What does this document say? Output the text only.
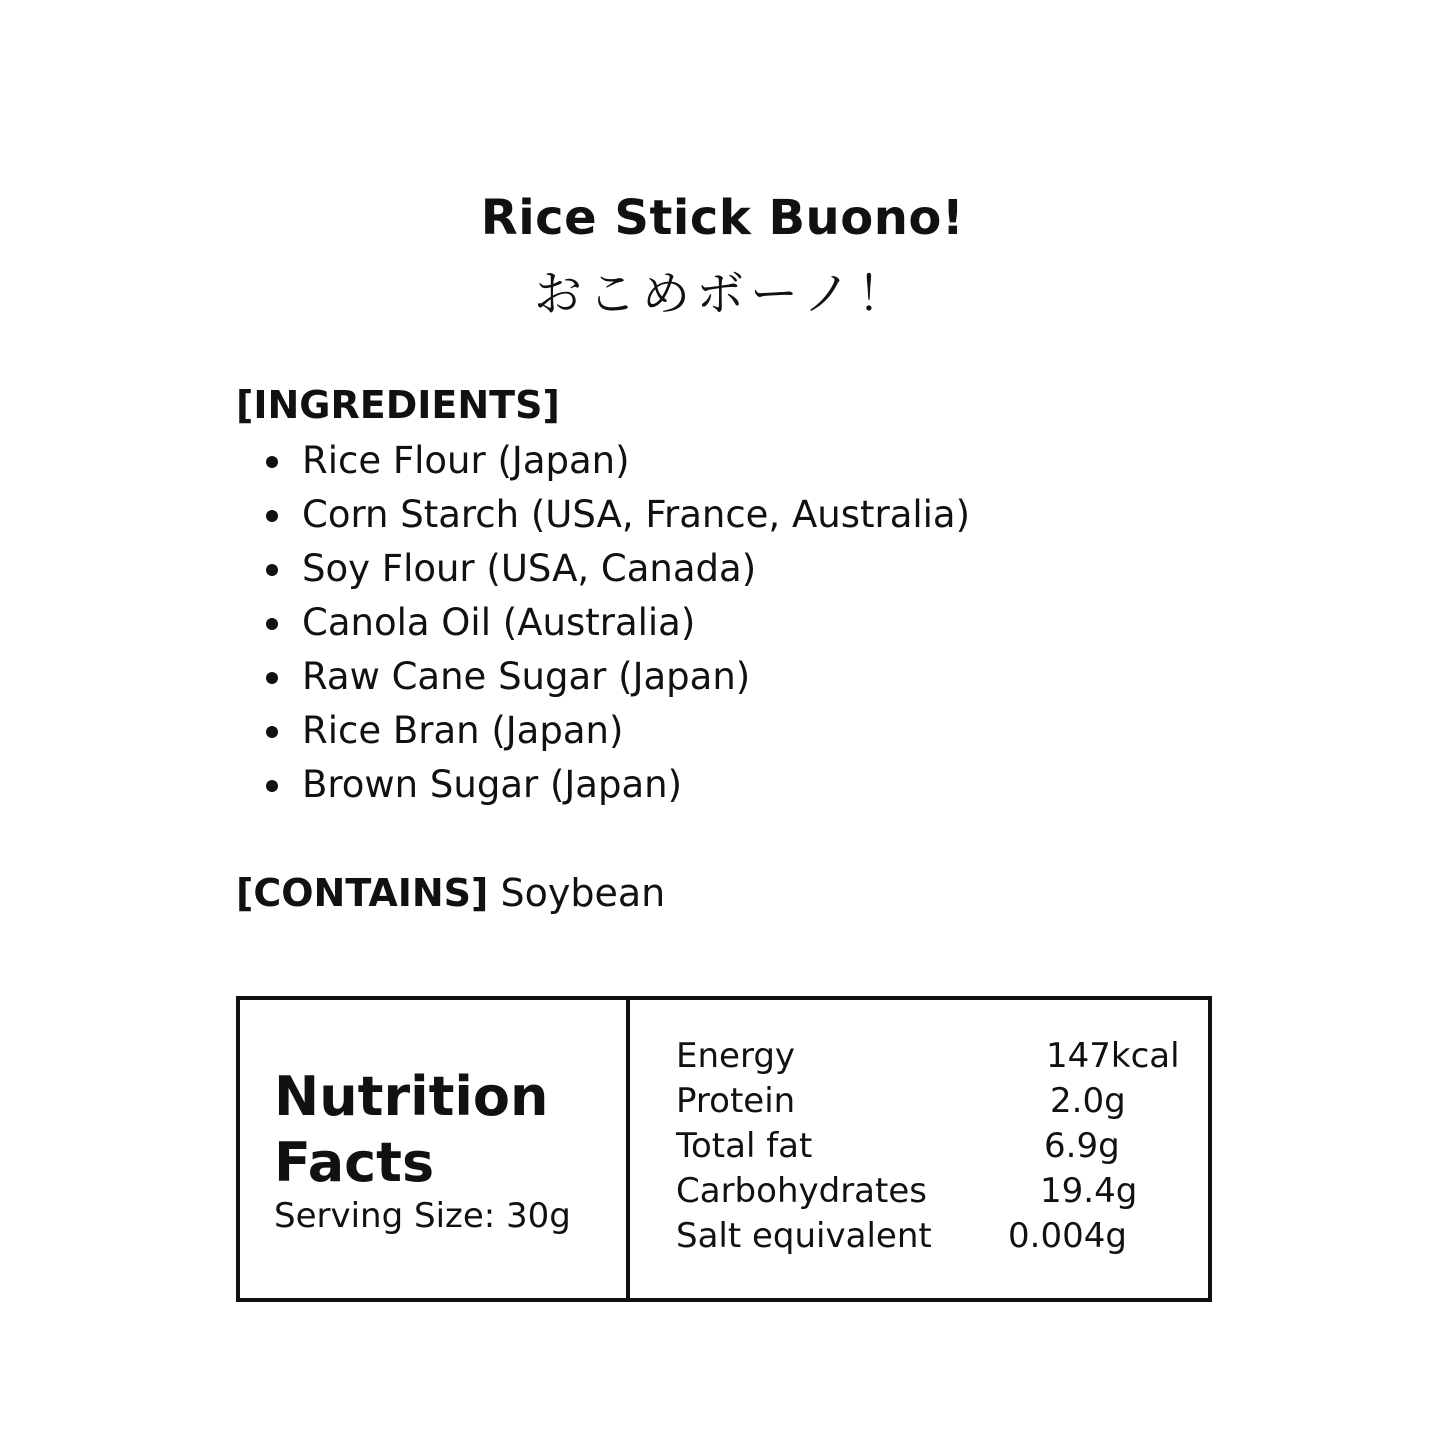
Rice Stick Buono!
おこめボーノ！
[INGREDIENTS]
Rice Flour (Japan)
Corn Starch (USA, France, Australia)
Soy Flour (USA, Canada)
Canola Oil (Australia)
Raw Cane Sugar (Japan)
Rice Bran (Japan)
Brown Sugar (Japan)
[CONTAINS] Soybean
Nutrition
Facts
Serving Size: 30g
Energy	147kcal
Protein	2.0g
Total fat	6.9g
Carbohydrates	19.4g
Salt equivalent 0.004g
